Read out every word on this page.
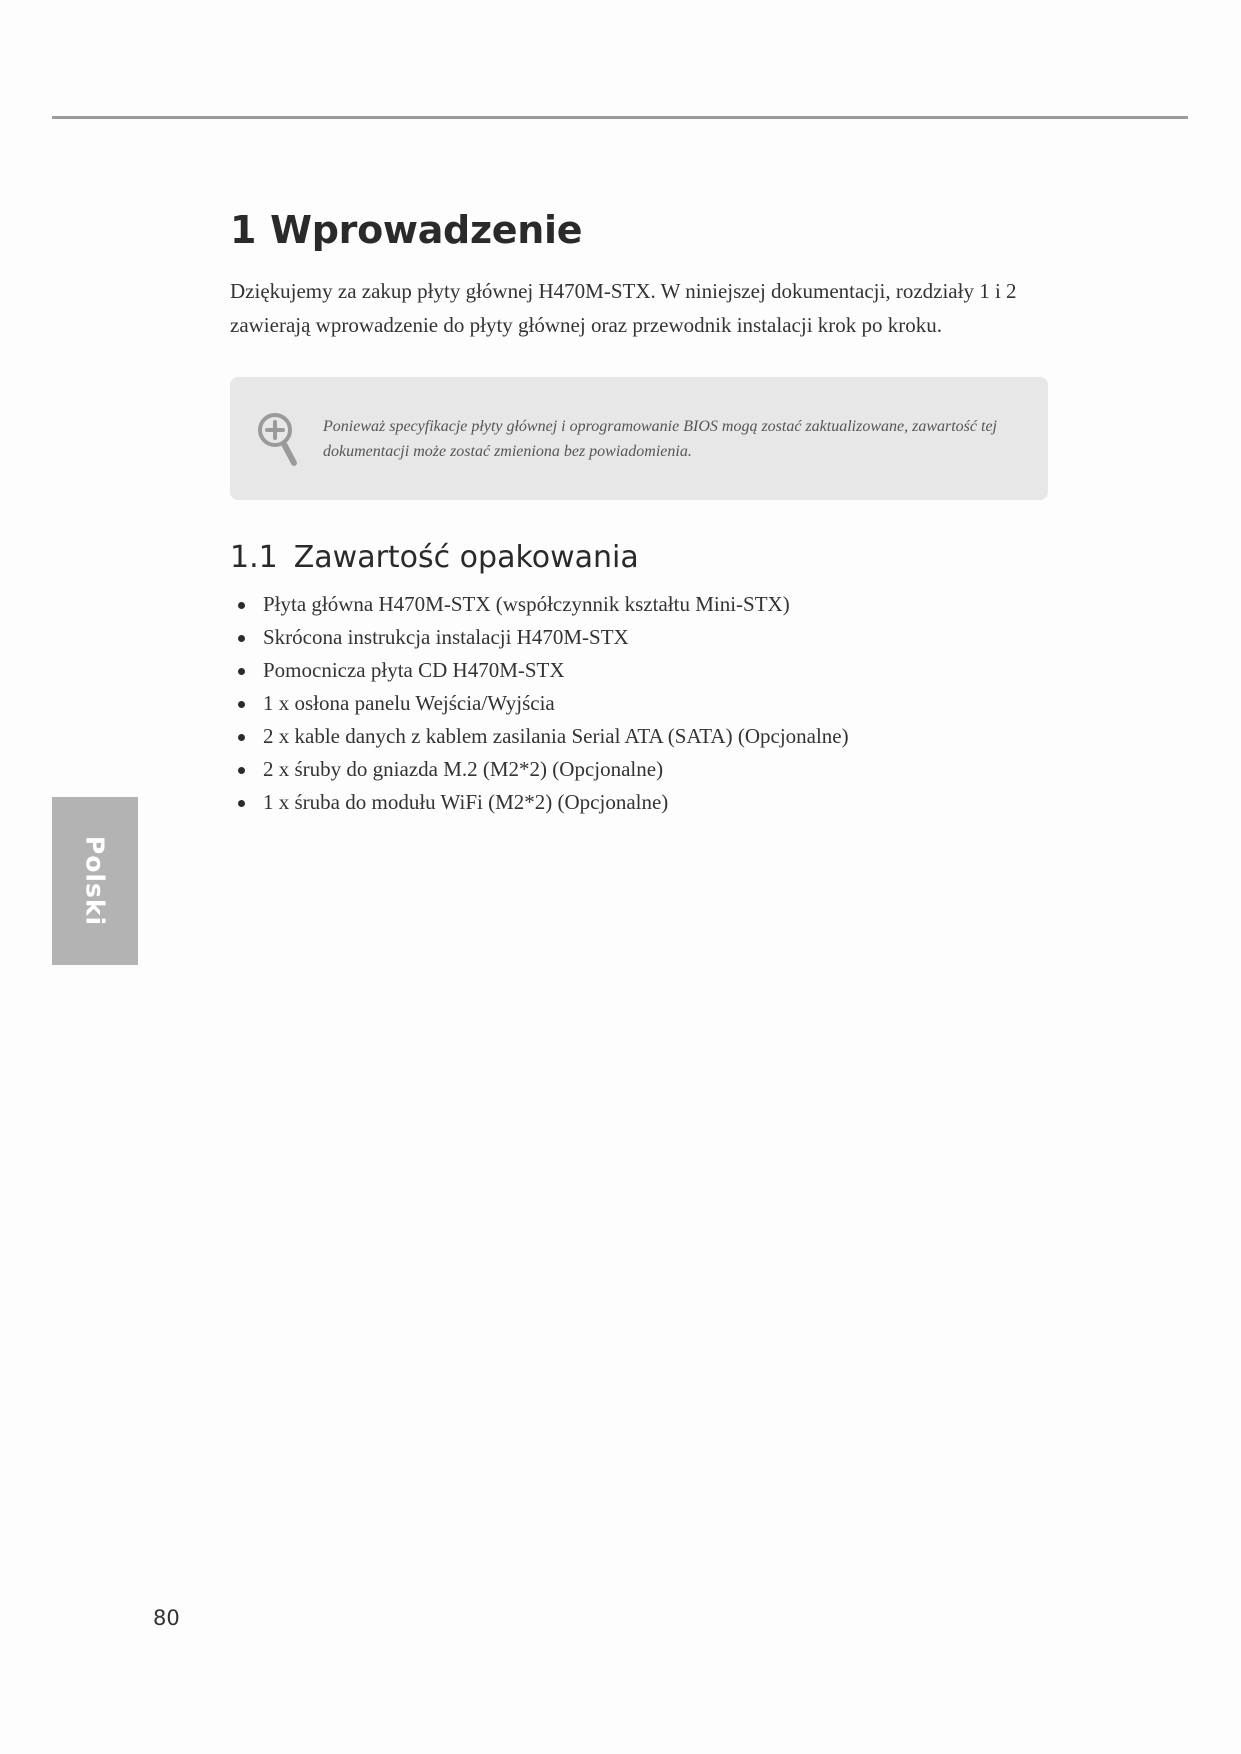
1 Wprowadzenie

Dziękujemy za zakup płyty głównej H470M-STX. W niniejszej dokumentacji, rozdziały 1 i 2 zawierają wprowadzenie do płyty głównej oraz przewodnik instalacji krok po kroku.

Ponieważ specyfikacje płyty głównej i oprogramowanie BIOS mogą zostać zaktualizowane, zawartość tej dokumentacji może zostać zmieniona bez powiadomienia.

1.1 Zawartość opakowania
Płyta główna H470M-STX (współczynnik kształtu Mini-STX)
Skrócona instrukcja instalacji H470M-STX
Pomocnicza płyta CD H470M-STX
1 x osłona panelu Wejścia/Wyjścia
2 x kable danych z kablem zasilania Serial ATA (SATA) (Opcjonalne)
2 x śruby do gniazda M.2 (M2*2) (Opcjonalne)
1 x śruba do modułu WiFi (M2*2) (Opcjonalne)
Polski
80
